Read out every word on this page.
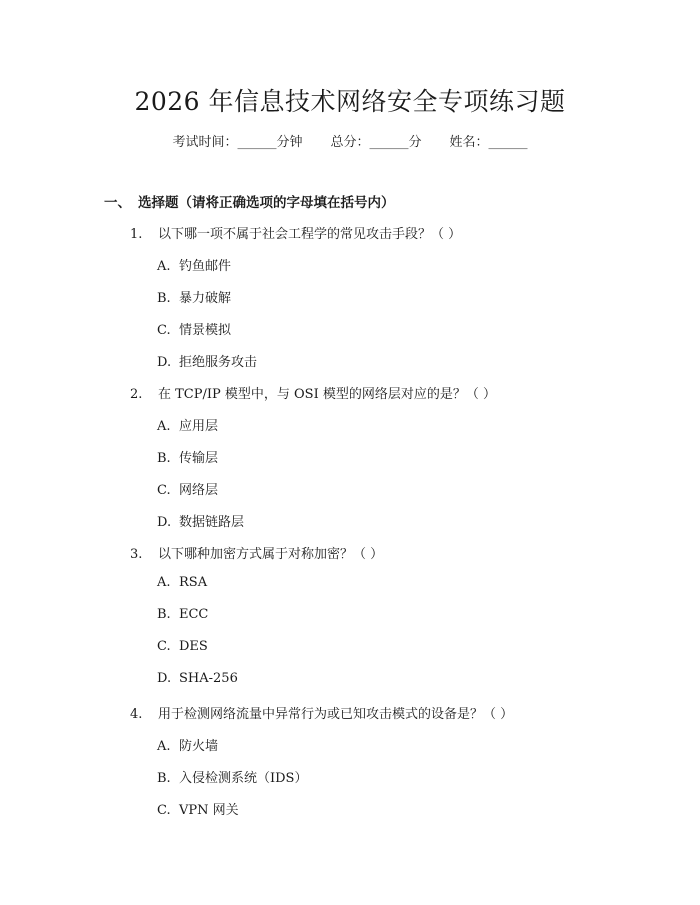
2026 年信息技术网络安全专项练习题
考试时间：______分钟 总分：______分 姓名：______
一、 选择题（请将正确选项的字母填在括号内）
1. 以下哪一项不属于社会工程学的常见攻击手段？（ ）
A. 钓鱼邮件
B. 暴力破解
C. 情景模拟
D. 拒绝服务攻击
2. 在 TCP/IP 模型中，与 OSI 模型的网络层对应的是？（ ）
A. 应用层
B. 传输层
C. 网络层
D. 数据链路层
3. 以下哪种加密方式属于对称加密？（ ）
A. RSA
B. ECC
C. DES
D. SHA-256
4. 用于检测网络流量中异常行为或已知攻击模式的设备是？（ ）
A. 防火墙
B. 入侵检测系统（IDS）
C. VPN 网关
